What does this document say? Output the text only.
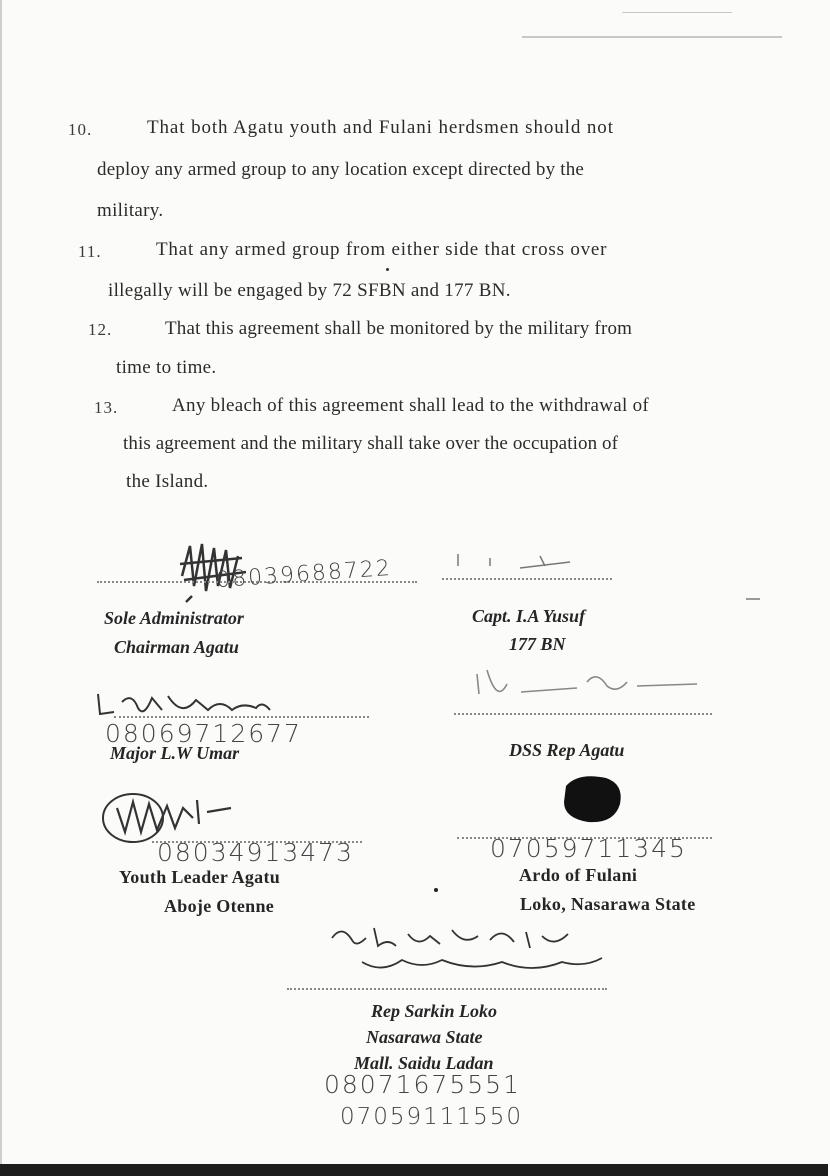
10.	That both Agatu youth and Fulani herdsmen should not
deploy any armed group to any location except directed by the
military.
11.	That any armed group from either side that cross over
illegally will be engaged by 72 SFBN and 177 BN.
12.	That this agreement shall be monitored by the military from
time to time.
13.	Any bleach of this agreement shall lead to the withdrawal of
this agreement and the military shall take over the occupation of
the Island.
08039688722
Sole Administrator
Chairman Agatu
Capt. I.A Yusuf
177 BN
08069712677
Major L.W Umar	DSS Rep Agatu
08034913473
Youth Leader Agatu
Aboje Otenne
07059711345
Ardo of Fulani
Loko, Nasarawa State
Rep Sarkin Loko
Nasarawa State
Mall. Saidu Ladan
08071675551
07059111550
